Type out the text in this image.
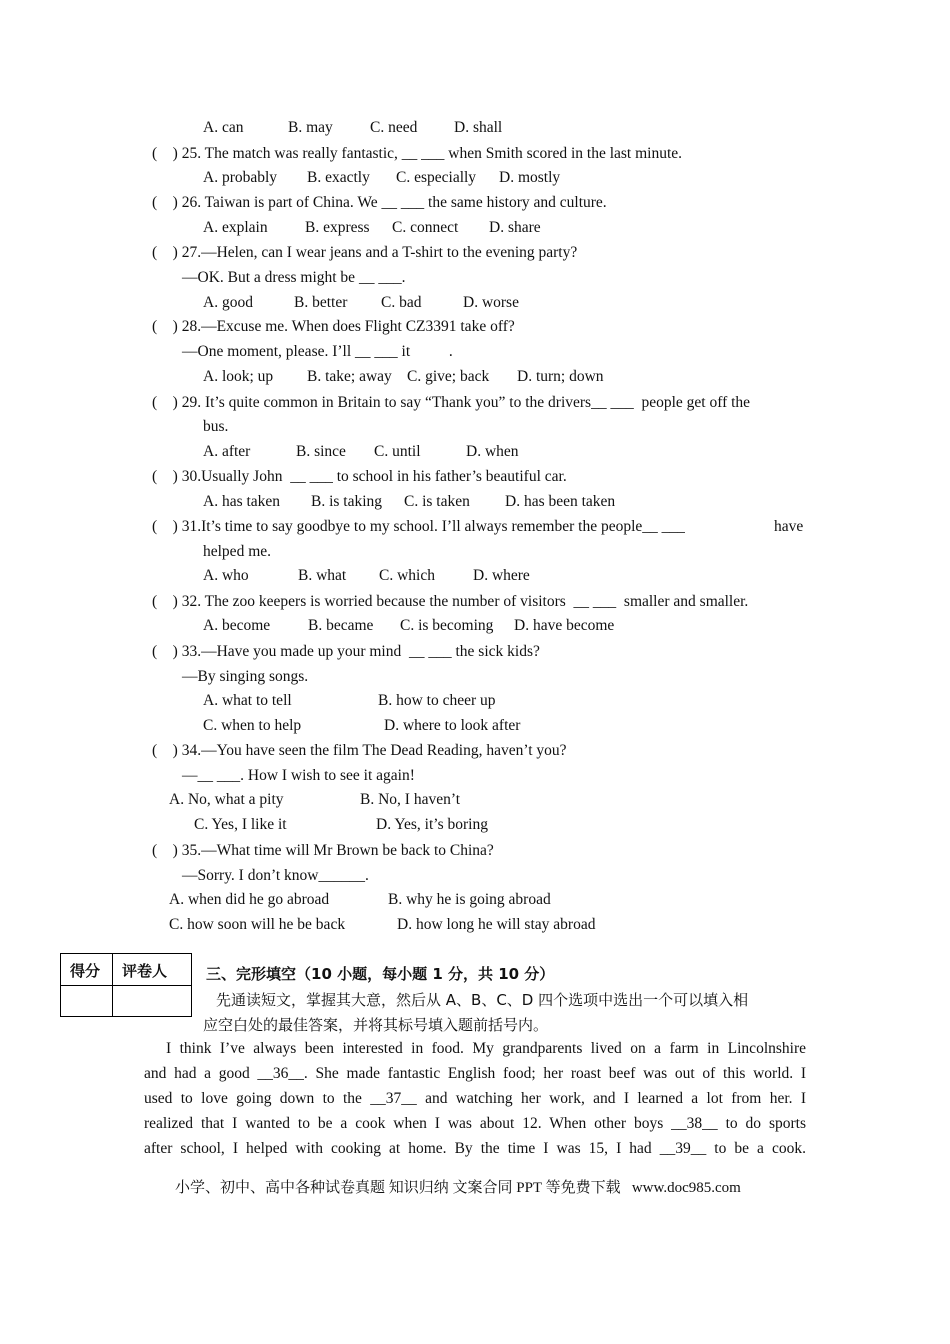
A. can	B. may C. need D. shall
(　) 25. The match was really fantastic, __ ___ when Smith scored in the last minute.
A. probably B. exactly C. especially D. mostly
(　) 26. Taiwan is part of China. We __ ___ the same history and culture.
A. explain B. express C. connect D. share
(　) 27.—Helen, can I wear jeans and a T-shirt to the evening party?
—OK. But a dress might be __ ___.
A. good	B. better C. bad	D. worse
(　) 28.—Excuse me. When does Flight CZ3391 take off?
—One moment, please. I’ll __ ___ it          .
A. look; up B. take; away C. give; back D. turn; down
(　) 29. It’s quite common in Britain to say “Thank you” to the drivers__ ___  people get off the
bus.
A. after	B. since C. until	D. when
(　) 30.Usually John  __ ___ to school in his father’s beautiful car.
A. has taken B. is taking C. is taken D. has been taken
(　) 31.It’s time to say goodbye to my school. I’ll always remember the people__ ___	have
helped me.
A. who	B. what C. which D. where
(　) 32. The zoo keepers is worried because the number of visitors  __ ___  smaller and smaller.
A. become B. became C. is becoming D. have become
(　) 33.—Have you made up your mind  __ ___ the sick kids?
—By singing songs.
A. what to tell	B. how to cheer up
C. when to help	D. where to look after
(　) 34.—You have seen the film The Dead Reading, haven’t you?
—__ ___. How I wish to see it again!
A. No, what a pity	B. No, I haven’t
C. Yes, I like it	D. Yes, it’s boring
(　) 35.—What time will Mr Brown be back to China?
—Sorry. I don’t know______.
A. when did he go abroad	B. why he is going abroad
C. how soon will he be back	D. how long he will stay abroad
得分 评卷人	三、完形填空（10 小题，每小题 1 分，共 10 分）
先通读短文，掌握其大意，然后从 A、B、C、D 四个选项中选出一个可以填入相
应空白处的最佳答案，并将其标号填入题前括号内。
I think I’ve always been interested in food. My grandparents lived on a farm in Lincolnshire
and had a good __36__. She made fantastic English food; her roast beef was out of this world. I
used to love going down to the __37__ and watching her work, and I learned a lot from her. I
realized that I wanted to be a cook when I was about 12. When other boys __38__ to do sports
after school, I helped with cooking at home. By the time I was 15, I had __39__ to be a cook.
小学、初中、高中各种试卷真题 知识归纳 文案合同 PPT 等免费下载   www.doc985.com
